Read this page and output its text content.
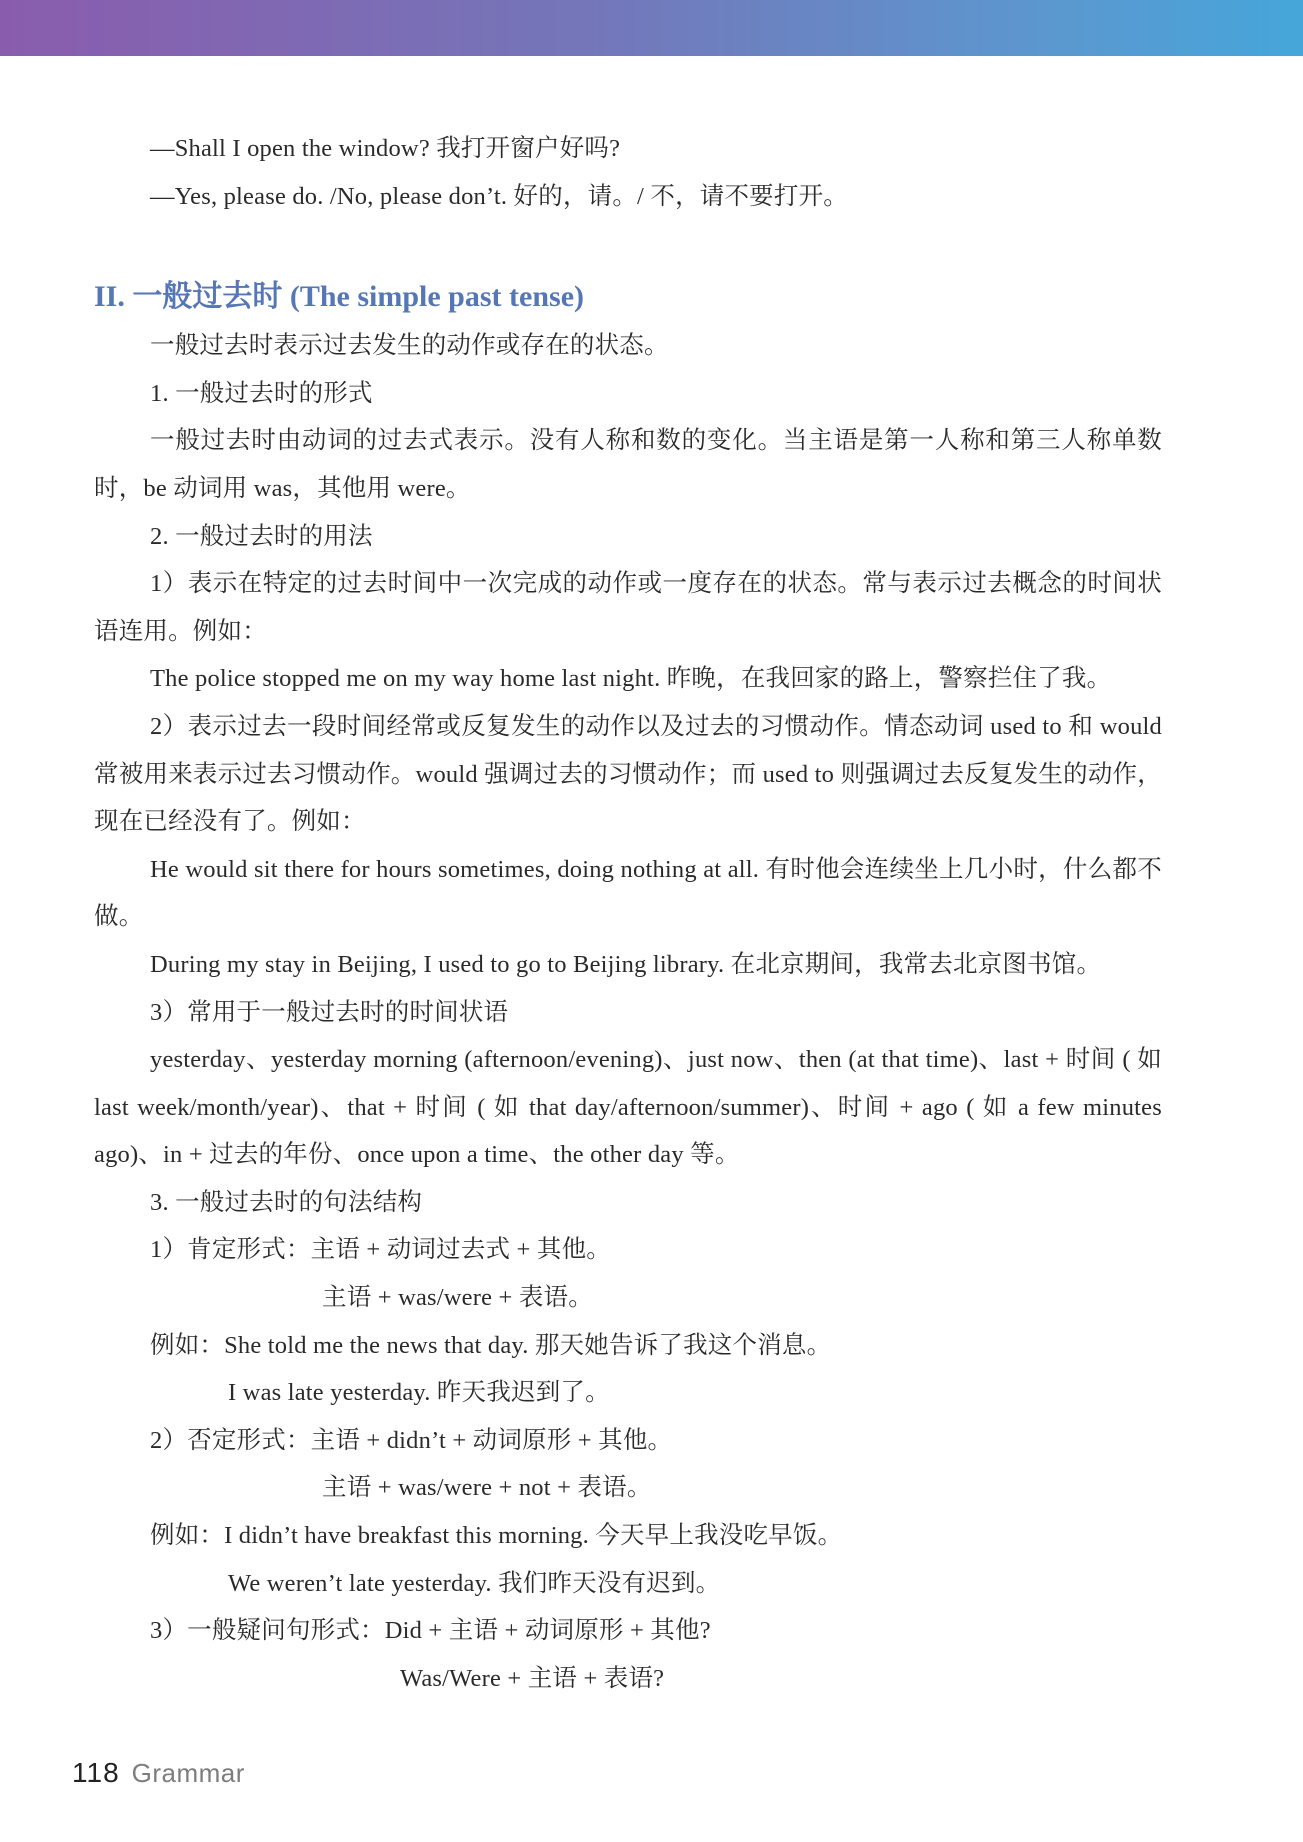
—Shall I open the window? 我打开窗户好吗?

—Yes, please do. /No, please don’t. 好的，请。/ 不，请不要打开。

II. 一般过去时 (The simple past tense)

一般过去时表示过去发生的动作或存在的状态。

1. 一般过去时的形式

一般过去时由动词的过去式表示。没有人称和数的变化。当主语是第一人称和第三人称单数时，be 动词用 was，其他用 were。

2. 一般过去时的用法

1）表示在特定的过去时间中一次完成的动作或一度存在的状态。常与表示过去概念的时间状语连用。例如：

The police stopped me on my way home last night. 昨晚，在我回家的路上，警察拦住了我。

2）表示过去一段时间经常或反复发生的动作以及过去的习惯动作。情态动词 used to 和 would 常被用来表示过去习惯动作。would 强调过去的习惯动作；而 used to 则强调过去反复发生的动作，现在已经没有了。例如：

He would sit there for hours sometimes, doing nothing at all. 有时他会连续坐上几小时，什么都不做。

During my stay in Beijing, I used to go to Beijing library. 在北京期间，我常去北京图书馆。

3）常用于一般过去时的时间状语

yesterday、yesterday morning (afternoon/evening)、just now、then (at that time)、last + 时间 ( 如 last week/month/year)、that + 时间 ( 如 that day/afternoon/summer)、时间 + ago ( 如 a few minutes ago)、in + 过去的年份、once upon a time、the other day 等。

3. 一般过去时的句法结构

1）肯定形式：主语 + 动词过去式 + 其他。

主语 + was/were + 表语。

例如：She told me the news that day. 那天她告诉了我这个消息。

I was late yesterday. 昨天我迟到了。

2）否定形式：主语 + didn’t + 动词原形 + 其他。

主语 + was/were + not + 表语。

例如：I didn’t have breakfast this morning. 今天早上我没吃早饭。

We weren’t late yesterday. 我们昨天没有迟到。

3）一般疑问句形式：Did + 主语 + 动词原形 + 其他?

Was/Were + 主语 + 表语?

118 Grammar
